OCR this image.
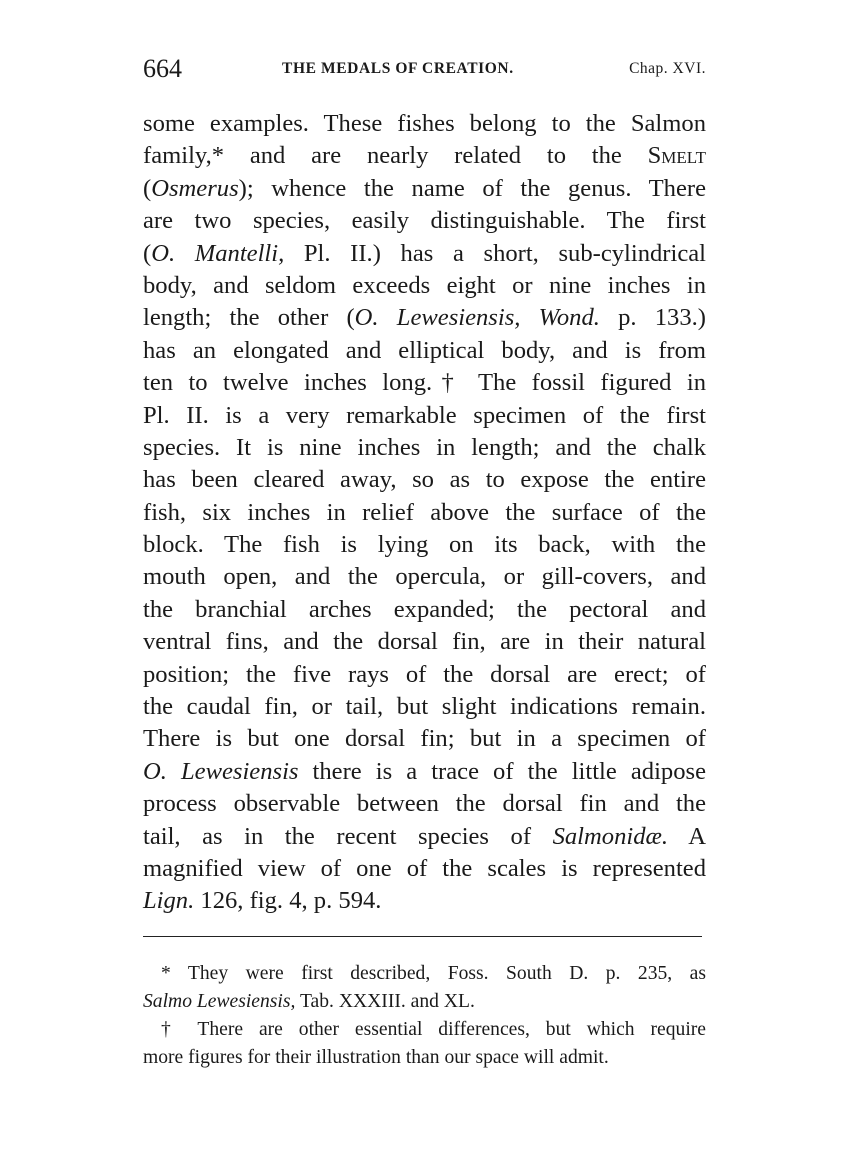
664	THE MEDALS OF CREATION.	Chap. XVI.
some examples. These fishes belong to the Salmon
family,* and are nearly related to the Smelt
(Osmerus); whence the name of the genus. There
are two species, easily distinguishable. The first
(O. Mantelli, Pl. II.) has a short, sub-cylindrical
body, and seldom exceeds eight or nine inches in
length; the other (O. Lewesiensis, Wond. p. 133.)
has an elongated and elliptical body, and is from
ten to twelve inches long.† The fossil figured in
Pl. II. is a very remarkable specimen of the first
species. It is nine inches in length; and the chalk
has been cleared away, so as to expose the entire
fish, six inches in relief above the surface of the
block. The fish is lying on its back, with the
mouth open, and the opercula, or gill-covers, and
the branchial arches expanded; the pectoral and
ventral fins, and the dorsal fin, are in their natural
position; the five rays of the dorsal are erect; of
the caudal fin, or tail, but slight indications remain.
There is but one dorsal fin; but in a specimen of
O. Lewesiensis there is a trace of the little adipose
process observable between the dorsal fin and the
tail, as in the recent species of Salmonidæ. A
magnified view of one of the scales is represented
Lign. 126, fig. 4, p. 594.
* They were first described, Foss. South D. p. 235, as
Salmo Lewesiensis, Tab. XXXIII. and XL.
† There are other essential differences, but which require
more figures for their illustration than our space will admit.
